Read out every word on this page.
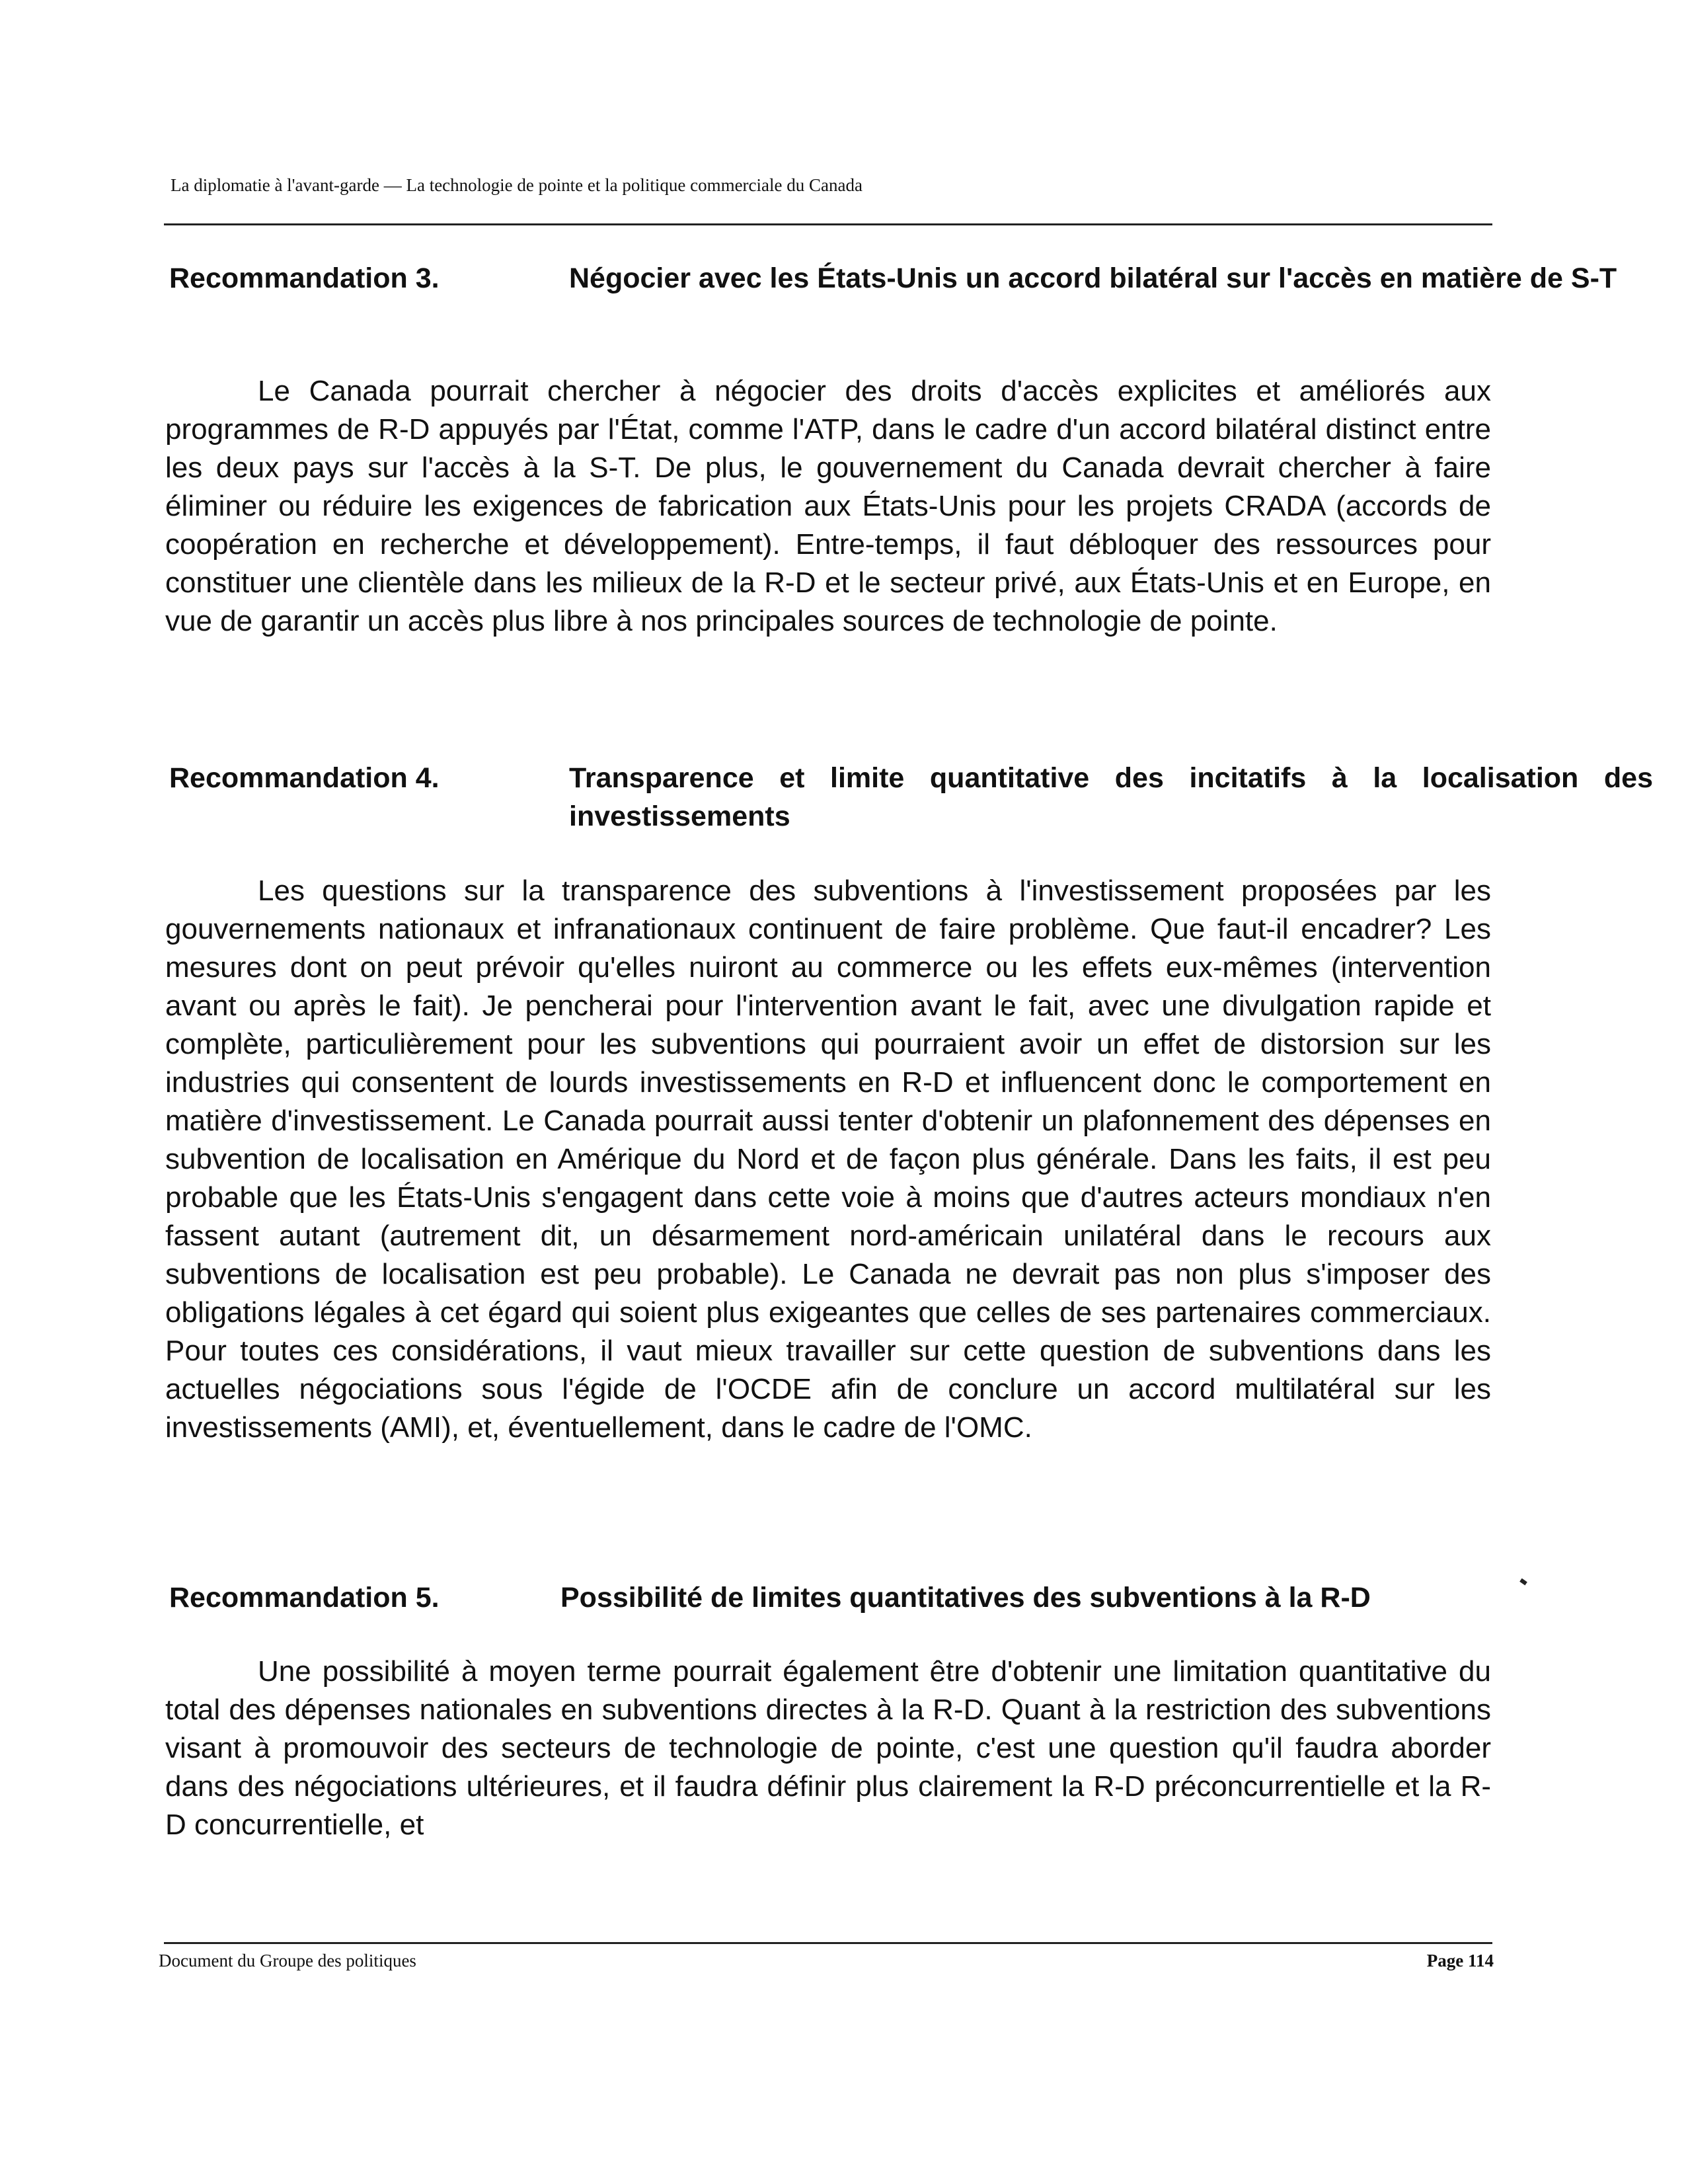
La diplomatie à l'avant-garde — La technologie de pointe et la politique commerciale du Canada
Recommandation 3.	Négocier avec les États-Unis un accord bilatéral sur l'accès en matière de S-T
Le Canada pourrait chercher à négocier des droits d'accès explicites et améliorés aux programmes de R-D appuyés par l'État, comme l'ATP, dans le cadre d'un accord bilatéral distinct entre les deux pays sur l'accès à la S-T. De plus, le gouvernement du Canada devrait chercher à faire éliminer ou réduire les exigences de fabrication aux États-Unis pour les projets CRADA (accords de coopération en recherche et développement). Entre-temps, il faut débloquer des ressources pour constituer une clientèle dans les milieux de la R-D et le secteur privé, aux États-Unis et en Europe, en vue de garantir un accès plus libre à nos principales sources de technologie de pointe.
Recommandation 4.	Transparence et limite quantitative des incitatifs à la localisation des investissements
Les questions sur la transparence des subventions à l'investissement proposées par les gouvernements nationaux et infranationaux continuent de faire problème. Que faut-il encadrer? Les mesures dont on peut prévoir qu'elles nuiront au commerce ou les effets eux-mêmes (intervention avant ou après le fait). Je pencherai pour l'intervention avant le fait, avec une divulgation rapide et complète, particulièrement pour les subventions qui pourraient avoir un effet de distorsion sur les industries qui consentent de lourds investissements en R-D et influencent donc le comportement en matière d'investissement. Le Canada pourrait aussi tenter d'obtenir un plafonnement des dépenses en subvention de localisation en Amérique du Nord et de façon plus générale. Dans les faits, il est peu probable que les États-Unis s'engagent dans cette voie à moins que d'autres acteurs mondiaux n'en fassent autant (autrement dit, un désarmement nord-américain unilatéral dans le recours aux subventions de localisation est peu probable). Le Canada ne devrait pas non plus s'imposer des obligations légales à cet égard qui soient plus exigeantes que celles de ses partenaires commerciaux. Pour toutes ces considérations, il vaut mieux travailler sur cette question de subventions dans les actuelles négociations sous l'égide de l'OCDE afin de conclure un accord multilatéral sur les investissements (AMI), et, éventuellement, dans le cadre de l'OMC.
Recommandation 5.	Possibilité de limites quantitatives des subventions à la R-D
Une possibilité à moyen terme pourrait également être d'obtenir une limitation quantitative du total des dépenses nationales en subventions directes à la R-D. Quant à la restriction des subventions visant à promouvoir des secteurs de technologie de pointe, c'est une question qu'il faudra aborder dans des négociations ultérieures, et il faudra définir plus clairement la R-D préconcurrentielle et la R-D concurrentielle, et
Document du Groupe des politiques	Page 114
